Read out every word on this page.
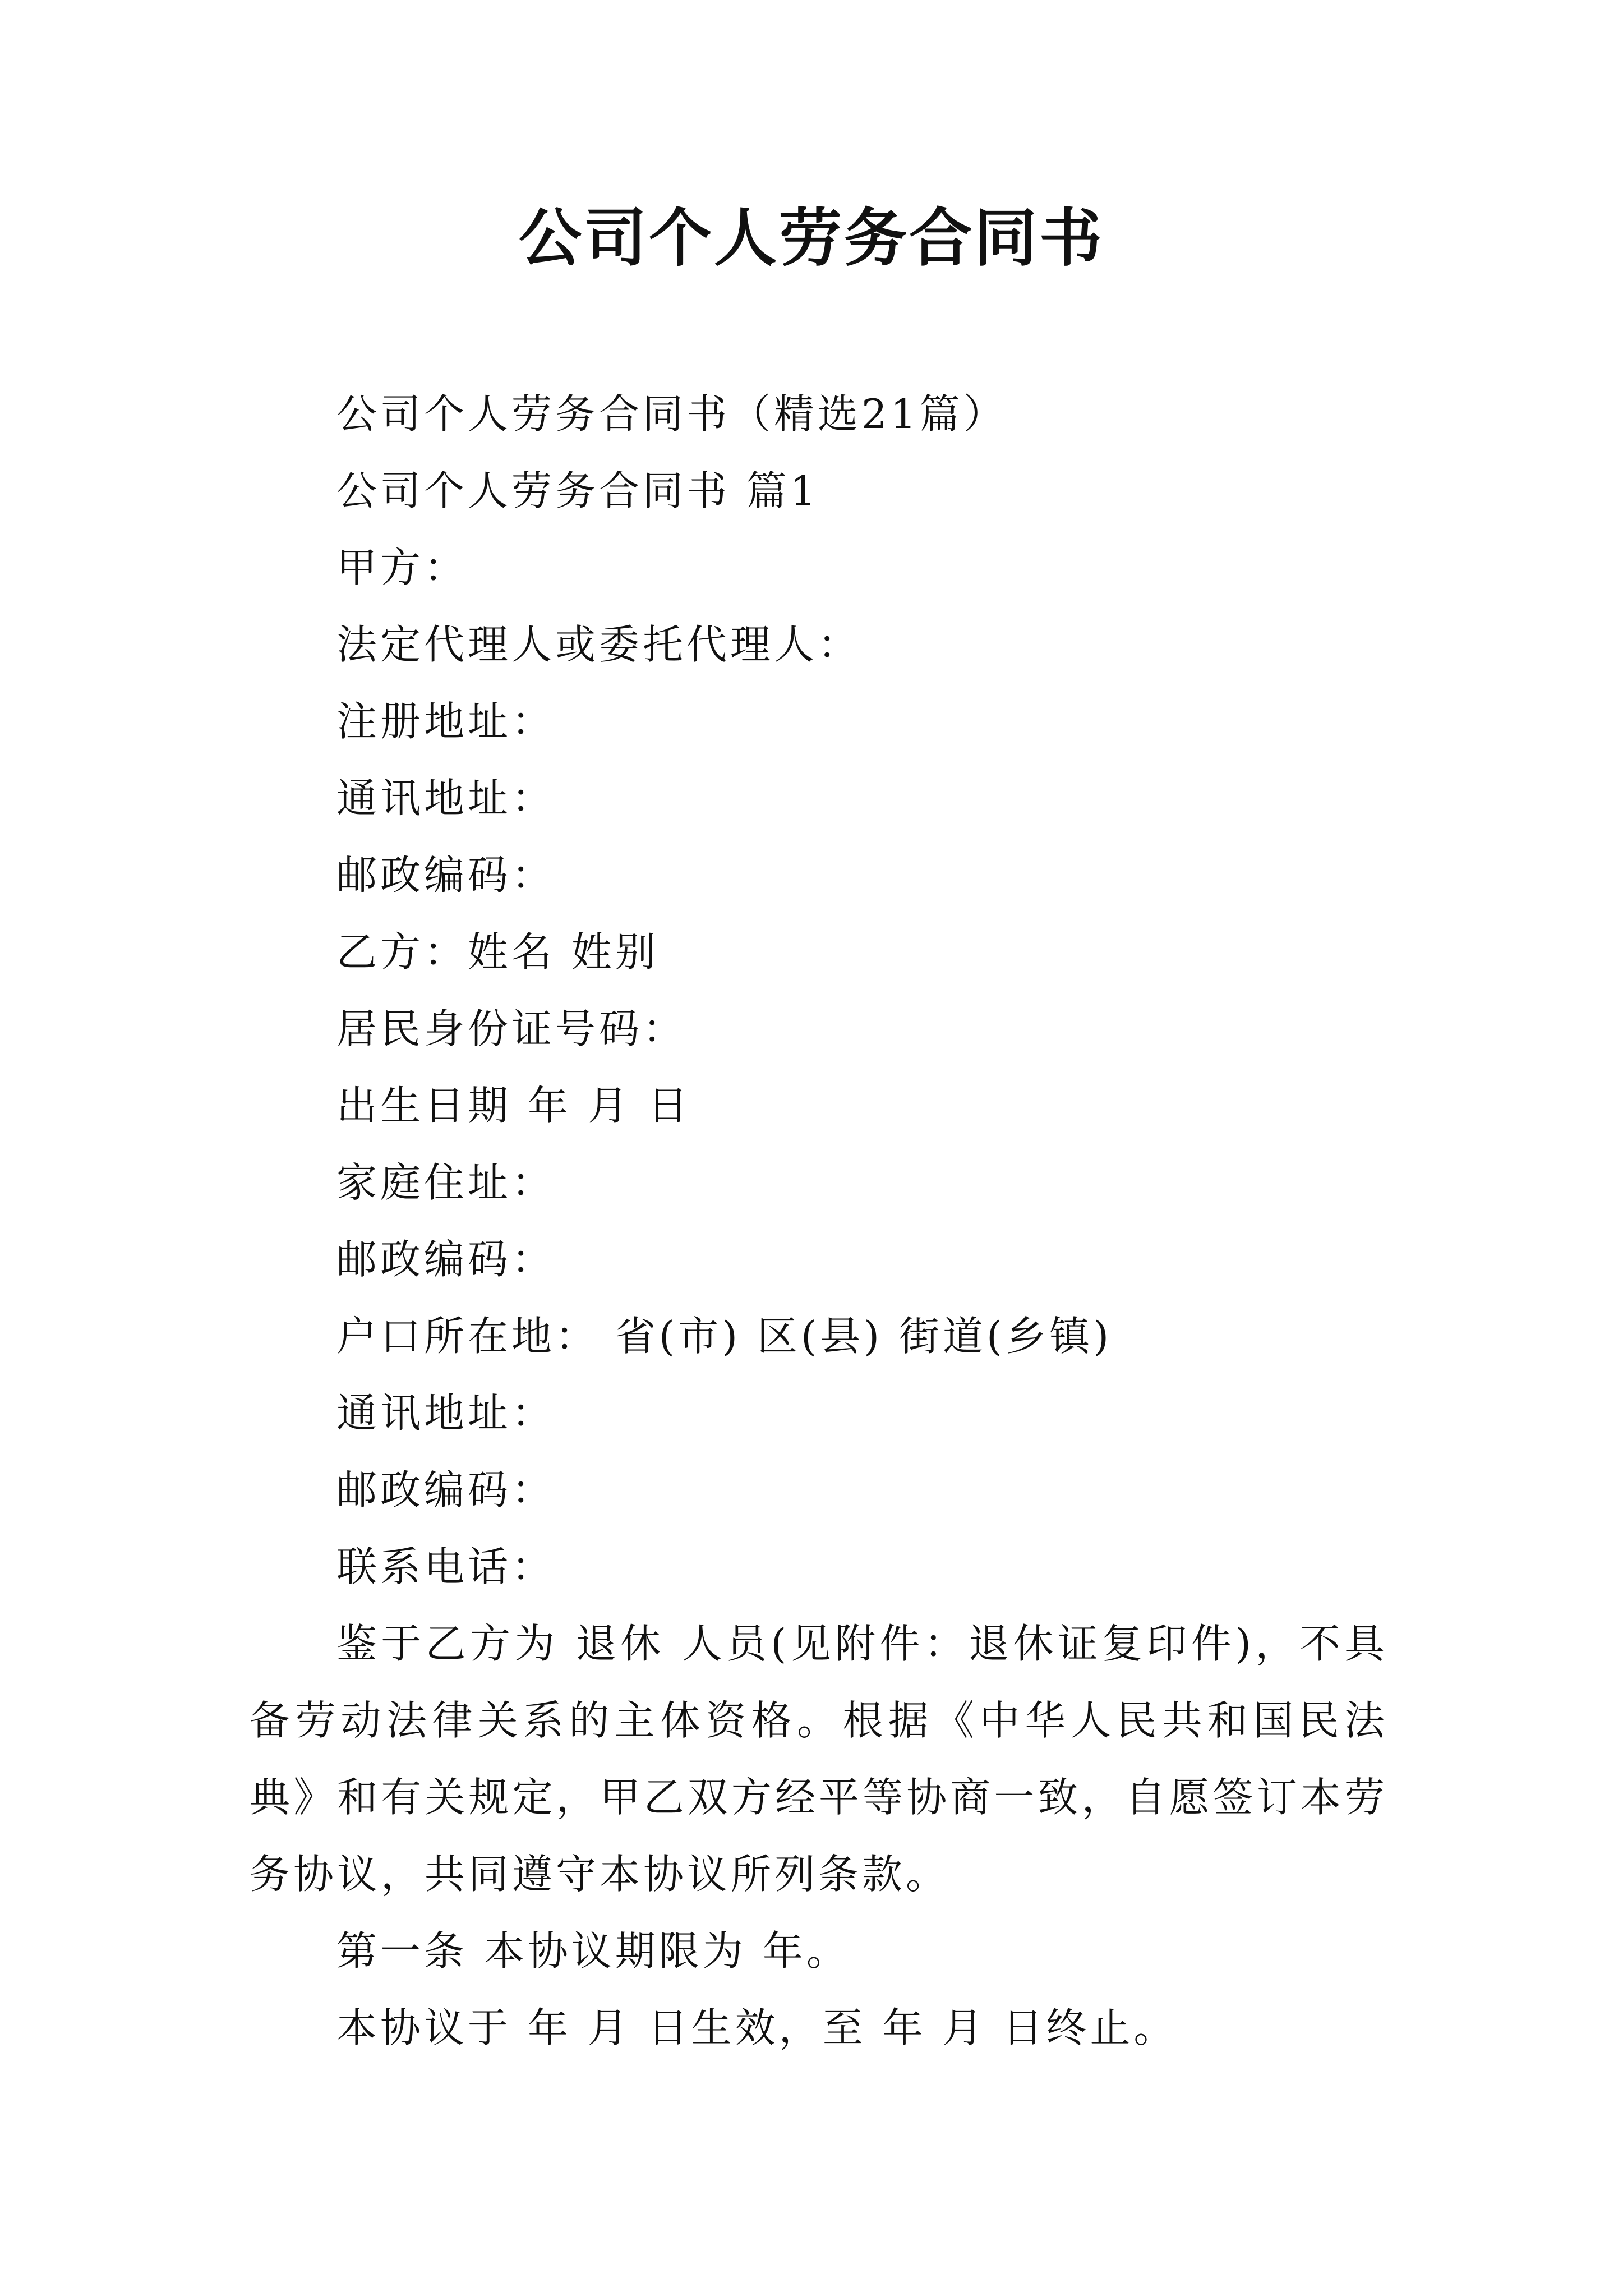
公司个人劳务合同书
公司个人劳务合同书（精选21篇）
公司个人劳务合同书 篇1
甲方：
法定代理人或委托代理人：
注册地址：
通讯地址：
邮政编码：
乙方：姓名 姓别
居民身份证号码：
出生日期 年 月 日
家庭住址：
邮政编码：
户口所在地： 省(市) 区(县) 街道(乡镇)
通讯地址：
邮政编码：
联系电话：
鉴于乙方为 退休 人员(见附件：退休证复印件)，不具备劳动法律关系的主体资格。根据《中华人民共和国民法典》和有关规定，甲乙双方经平等协商一致，自愿签订本劳务协议，共同遵守本协议所列条款。
第一条 本协议期限为 年。
本协议于 年 月 日生效，至 年 月 日终止。
